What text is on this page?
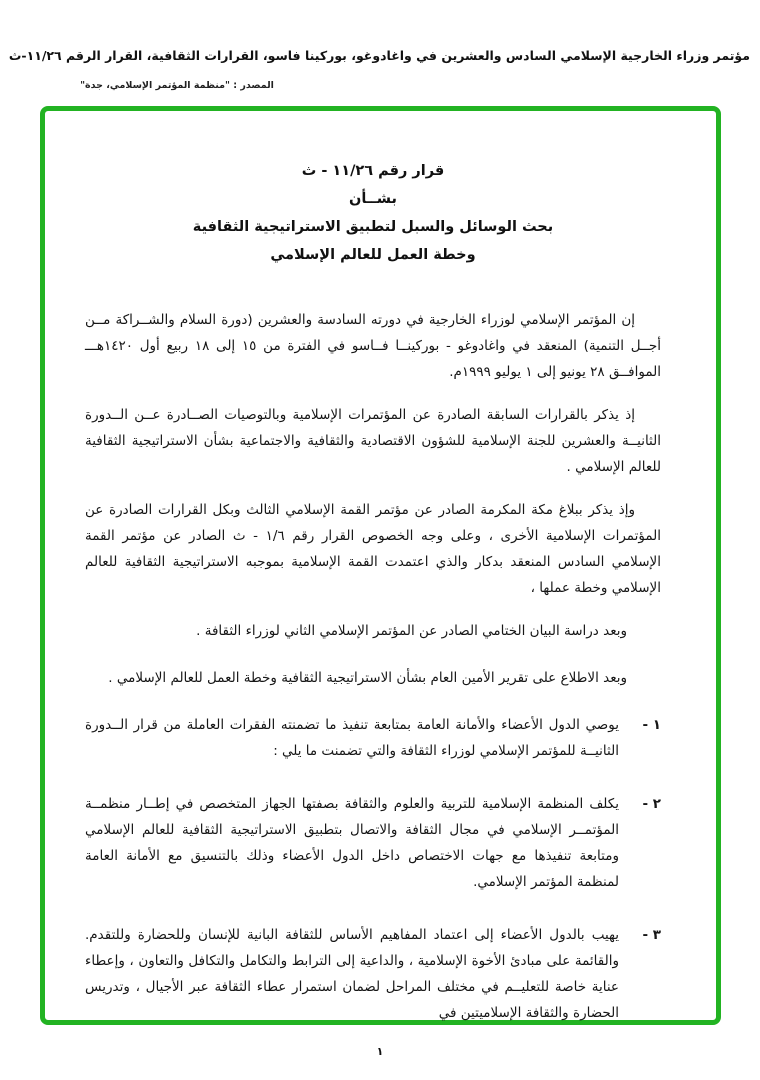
مؤتمر وزراء الخارجية الإسلامي السادس والعشرين في واغادوغو، بوركينا فاسو، القرارات الثقافية، القرار الرقم ١١/٢٦-ث
المصدر : "منظمة المؤتمر الإسلامي، جدة"
قرار رقم ١١/٢٦ - ث
بشــأن
بحث الوسائل والسبل لتطبيق الاستراتيجية الثقافية
وخطة العمل للعالم الإسلامي

إن المؤتمر الإسلامي لوزراء الخارجية في دورته السادسة والعشرين (دورة السلام والشــراكة مــن أجــل التنمية) المنعقد في واغادوغو - بوركينــا فــاسو في الفترة من ١٥ إلى ١٨ ربيع أول ١٤٢٠هـــ الموافــق ٢٨ يونيو إلى ١ يوليو ١٩٩٩م.

إذ يذكر بالقرارات السابقة الصادرة عن المؤتمرات الإسلامية وبالتوصيات الصــادرة عــن الــدورة الثانيــة والعشرين للجنة الإسلامية للشؤون الاقتصادية والثقافية والاجتماعية بشأن الاستراتيجية الثقافية للعالم الإسلامي .

وإذ يذكر ببلاغ مكة المكرمة الصادر عن مؤتمر القمة الإسلامي الثالث وبكل القرارات الصادرة عن المؤتمرات الإسلامية الأخرى ، وعلى وجه الخصوص القرار رقم ١/٦ - ث الصادر عن مؤتمر القمة الإسلامي السادس المنعقد بدكار والذي اعتمدت القمة الإسلامية بموجبه الاستراتيجية الثقافية للعالم الإسلامي وخطة عملها ،

وبعد دراسة البيان الختامي الصادر عن المؤتمر الإسلامي الثاني لوزراء الثقافة .

وبعد الاطلاع على تقرير الأمين العام بشأن الاستراتيجية الثقافية وخطة العمل للعالم الإسلامي .

١ -

يوصي الدول الأعضاء والأمانة العامة بمتابعة تنفيذ ما تضمنته الفقرات العاملة من قرار الــدورة الثانيــة للمؤتمر الإسلامي لوزراء الثقافة والتي تضمنت ما يلي :

٢ -

يكلف المنظمة الإسلامية للتربية والعلوم والثقافة بصفتها الجهاز المتخصص في إطــار منظمــة المؤتمــر الإسلامي في مجال الثقافة والاتصال بتطبيق الاستراتيجية الثقافية للعالم الإسلامي ومتابعة تنفيذها مع جهات الاختصاص داخل الدول الأعضاء وذلك بالتنسيق مع الأمانة العامة لمنظمة المؤتمر الإسلامي.

٣ -

يهيب بالدول الأعضاء إلى اعتماد المفاهيم الأساس للثقافة البانية للإنسان وللحضارة وللتقدم. والقائمة على مبادئ الأخوة الإسلامية ، والداعية إلى الترابط والتكامل والتكافل والتعاون ، وإعطاء عناية خاصة للتعليــم في مختلف المراحل لضمان استمرار عطاء الثقافة عبر الأجيال ، وتدريس الحضارة والثقافة الإسلاميتين في

١
